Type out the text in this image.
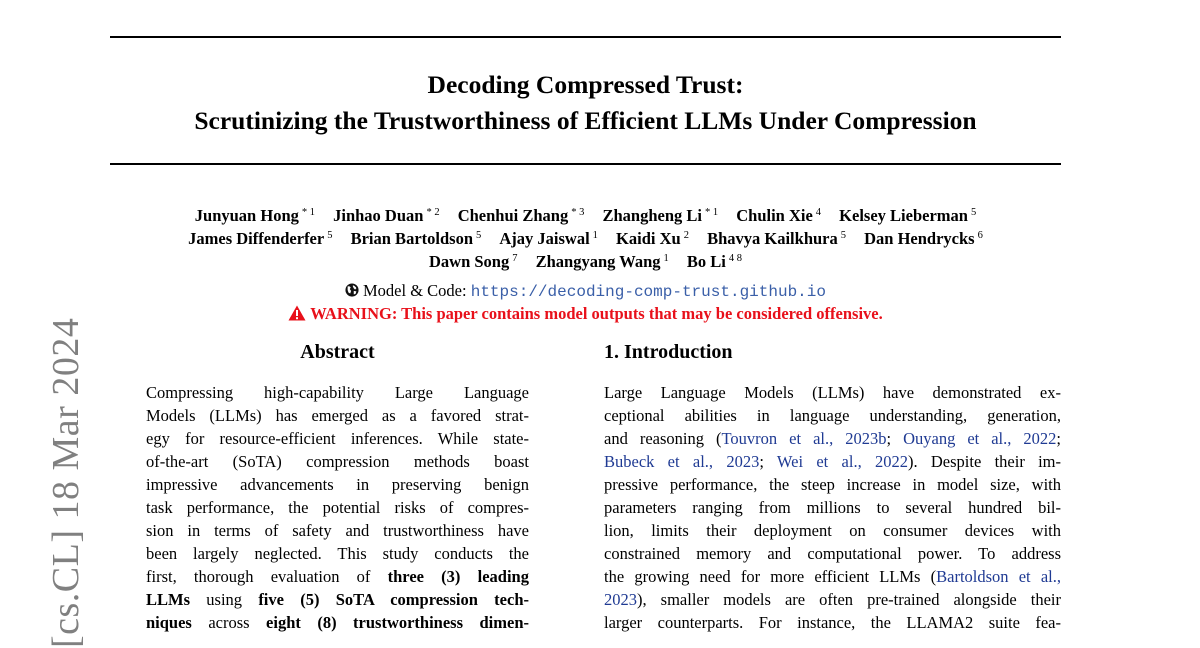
Decoding Compressed Trust:
Scrutinizing the Trustworthiness of Efficient LLMs Under Compression
Junyuan Hong $^{* 1}$ Jinhao Duan $^{* 2}$ Chenhui Zhang $^{* 3}$ Zhangheng Li $^{* 1}$ Chulin Xie $^4$ Kelsey Lieberman $^5$
James Diffenderfer $^5$ Brian Bartoldson $^5$ Ajay Jaiswal $^1$ Kaidi Xu $^2$ Bhavya Kailkhura $^5$ Dan Hendrycks $^6$
Dawn Song $^7$ Zhangyang Wang $^1$ Bo Li $^{4 8}$
Model & Code: https://decoding-comp-trust.github.io
WARNING: This paper contains model outputs that may be considered offensive.
[cs.CL] 18 Mar 2024	Abstract
Compressing high-capability Large Language
Models (LLMs) has emerged as a favored strat-
egy for resource-efficient inferences. While state-
of-the-art (SoTA) compression methods boast
impressive advancements in preserving benign
task performance, the potential risks of compres-
sion in terms of safety and trustworthiness have
been largely neglected. This study conducts the
first, thorough evaluation of three (3) leading
LLMs using five (5) SoTA compression tech-
niques across eight (8) trustworthiness dimen-
1. Introduction
Large Language Models (LLMs) have demonstrated ex-
ceptional abilities in language understanding, generation,
and reasoning (Touvron et al., 2023b; Ouyang et al., 2022;
Bubeck et al., 2023; Wei et al., 2022). Despite their im-
pressive performance, the steep increase in model size, with
parameters ranging from millions to several hundred bil-
lion, limits their deployment on consumer devices with
constrained memory and computational power. To address
the growing need for more efficient LLMs (Bartoldson et al.,
2023), smaller models are often pre-trained alongside their
larger counterparts. For instance, the LLAMA2 suite fea-
